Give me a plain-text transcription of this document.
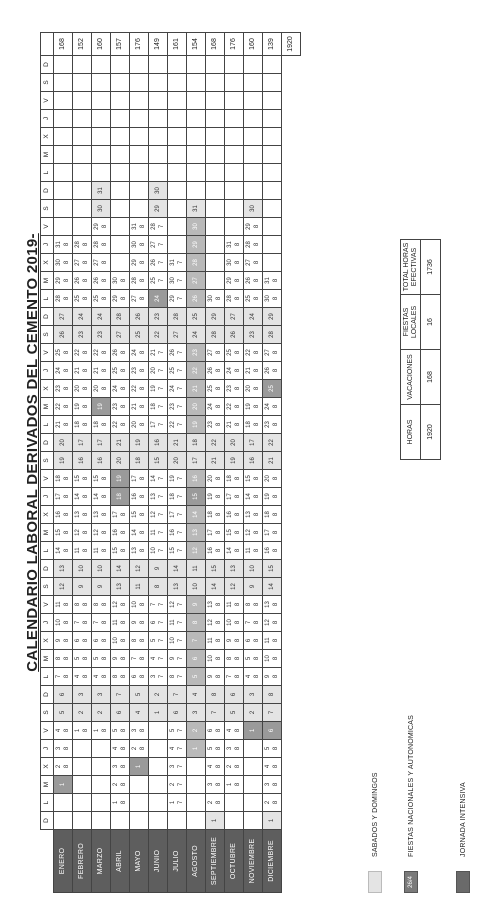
CALENDARIO LABORAL DERIVADOS DEL CEMENTO 2019-
	D	L	M	X	J	V	S	D	L	M	X	J	V	S	D	L	M	X	J	V	S	D	L	M	X	J	V	S	D	L	M	X	J	V	S	D	L	M	X	J	V	S	D	
ENERO			1	2 8	3 8	4 8	5	6	7 8	8 8	9 8	10 8	11 8	12	13	14 8	15 8	16 8	17 8	18 8	19	20	21 8	22 8	23 8	24 8	25 8	26	27	28 8	29 8	30 8	31 8											168
FEBRERO						1 8	2	3	4 8	5 8	6 8	7 8	8 8	9	10	11 8	12 8	13 8	14 8	15 8	16	17	18 8	19 8	20 8	21 8	22 8	23	24	25 8	26 8	27 8	28 8											152
MARZO						1 8	2	3	4 8	5 8	6 8	7 8	8 8	9	10	11 8	12 8	13 8	14 8	15 8	16	17	18 8	19	20 8	21 8	22 8	23	24	25 8	26 8	27 8	28 8	29 8	30	31								160
ABRIL		1 8	2 8	3 8	4 8	5 8	6	7	8 8	9 8	10 8	11 8	12 8	13	14	15 8	16 8	17 8	18	19	20	21	22 8	23 8	24 8	25 8	26 8	27	28	29 8	30 8													157
MAYO				1	2 8	3 8	4	5	6 8	7 8	8 8	9 8	10 8	11	12	13 8	14 8	15 8	16 8	17 8	18	19	20 8	21 8	22 8	23 8	24 8	25	26	27 8	28 8	29 8	30 8	31 8										176
JUNIO							1	2	3 7	4 7	5 7	6 7	7 7	8	9	10 7	11 7	12 7	13 7	14 7	15	16	17 7	18 7	19 7	20 7	21 7	22	23	24	25 7	26 7	27 7	28 7	29	30								149
JULIO		1 7	2 7	3 7	4 7	5 7	6	7	8 7	9 7	10 7	11 7	12 7	13	14	15 7	16 7	17 7	18 7	19 7	20	21	22 7	23 7	24 7	25 7	26 7	27	28	29 7	30 7	31 7												161
AGOSTO					1	2	3	4	5	6	7	8	9	10	11	12	13	14	15	16	17	18	19	20	21	22	23	24	25	26	27	28	29	30	31									154
SEPTIEMBRE	1	2 8	3 8	4 8	5 8	6 8	7	8	9 8	10 8	11 8	12 8	13 8	14	15	16 8	17 8	18 8	19 8	20 8	21	22	23 8	24 8	25 8	26 8	27 8	28	29	30 8														168
OCTUBRE			1 8	2 8	3 8	4 8	5	6	7 8	8 8	9 8	10 8	11 8	12	13	14 8	15 8	16 8	17 8	18 8	19	20	21 8	22 8	23 8	24 8	25 8	26	27	28 8	29 8	30 8	31 8											176
NOVIEMBRE						1	2	3	4 8	5 8	6 8	7 8	8 8	9	10	11 8	12 8	13 8	14 8	15 8	16	17	18 8	19 8	20 8	21 8	22 8	23	24	25 8	26 8	27 8	28 8	29 8	30									160
DICIEMBRE	1	2 8	3 8	4 8	5 8	6	7	8	9 8	10 8	11 8	12 8	13 8	14	15	16 8	17 8	18 8	19 8	20 8	21	22	23 8	24 8	25	26 8	27 8	28	29	30 8	31 8													139
																																												1920
SABADOS Y DOMINGOS
26/4
FIESTAS NACIONALES Y AUTONOMICAS	JORNADA INTENSIVA
HORAS	VACACIONES	FIESTAS LOCALES	TOTAL HORAS EFECTIVAS
1920	168	16	1736
